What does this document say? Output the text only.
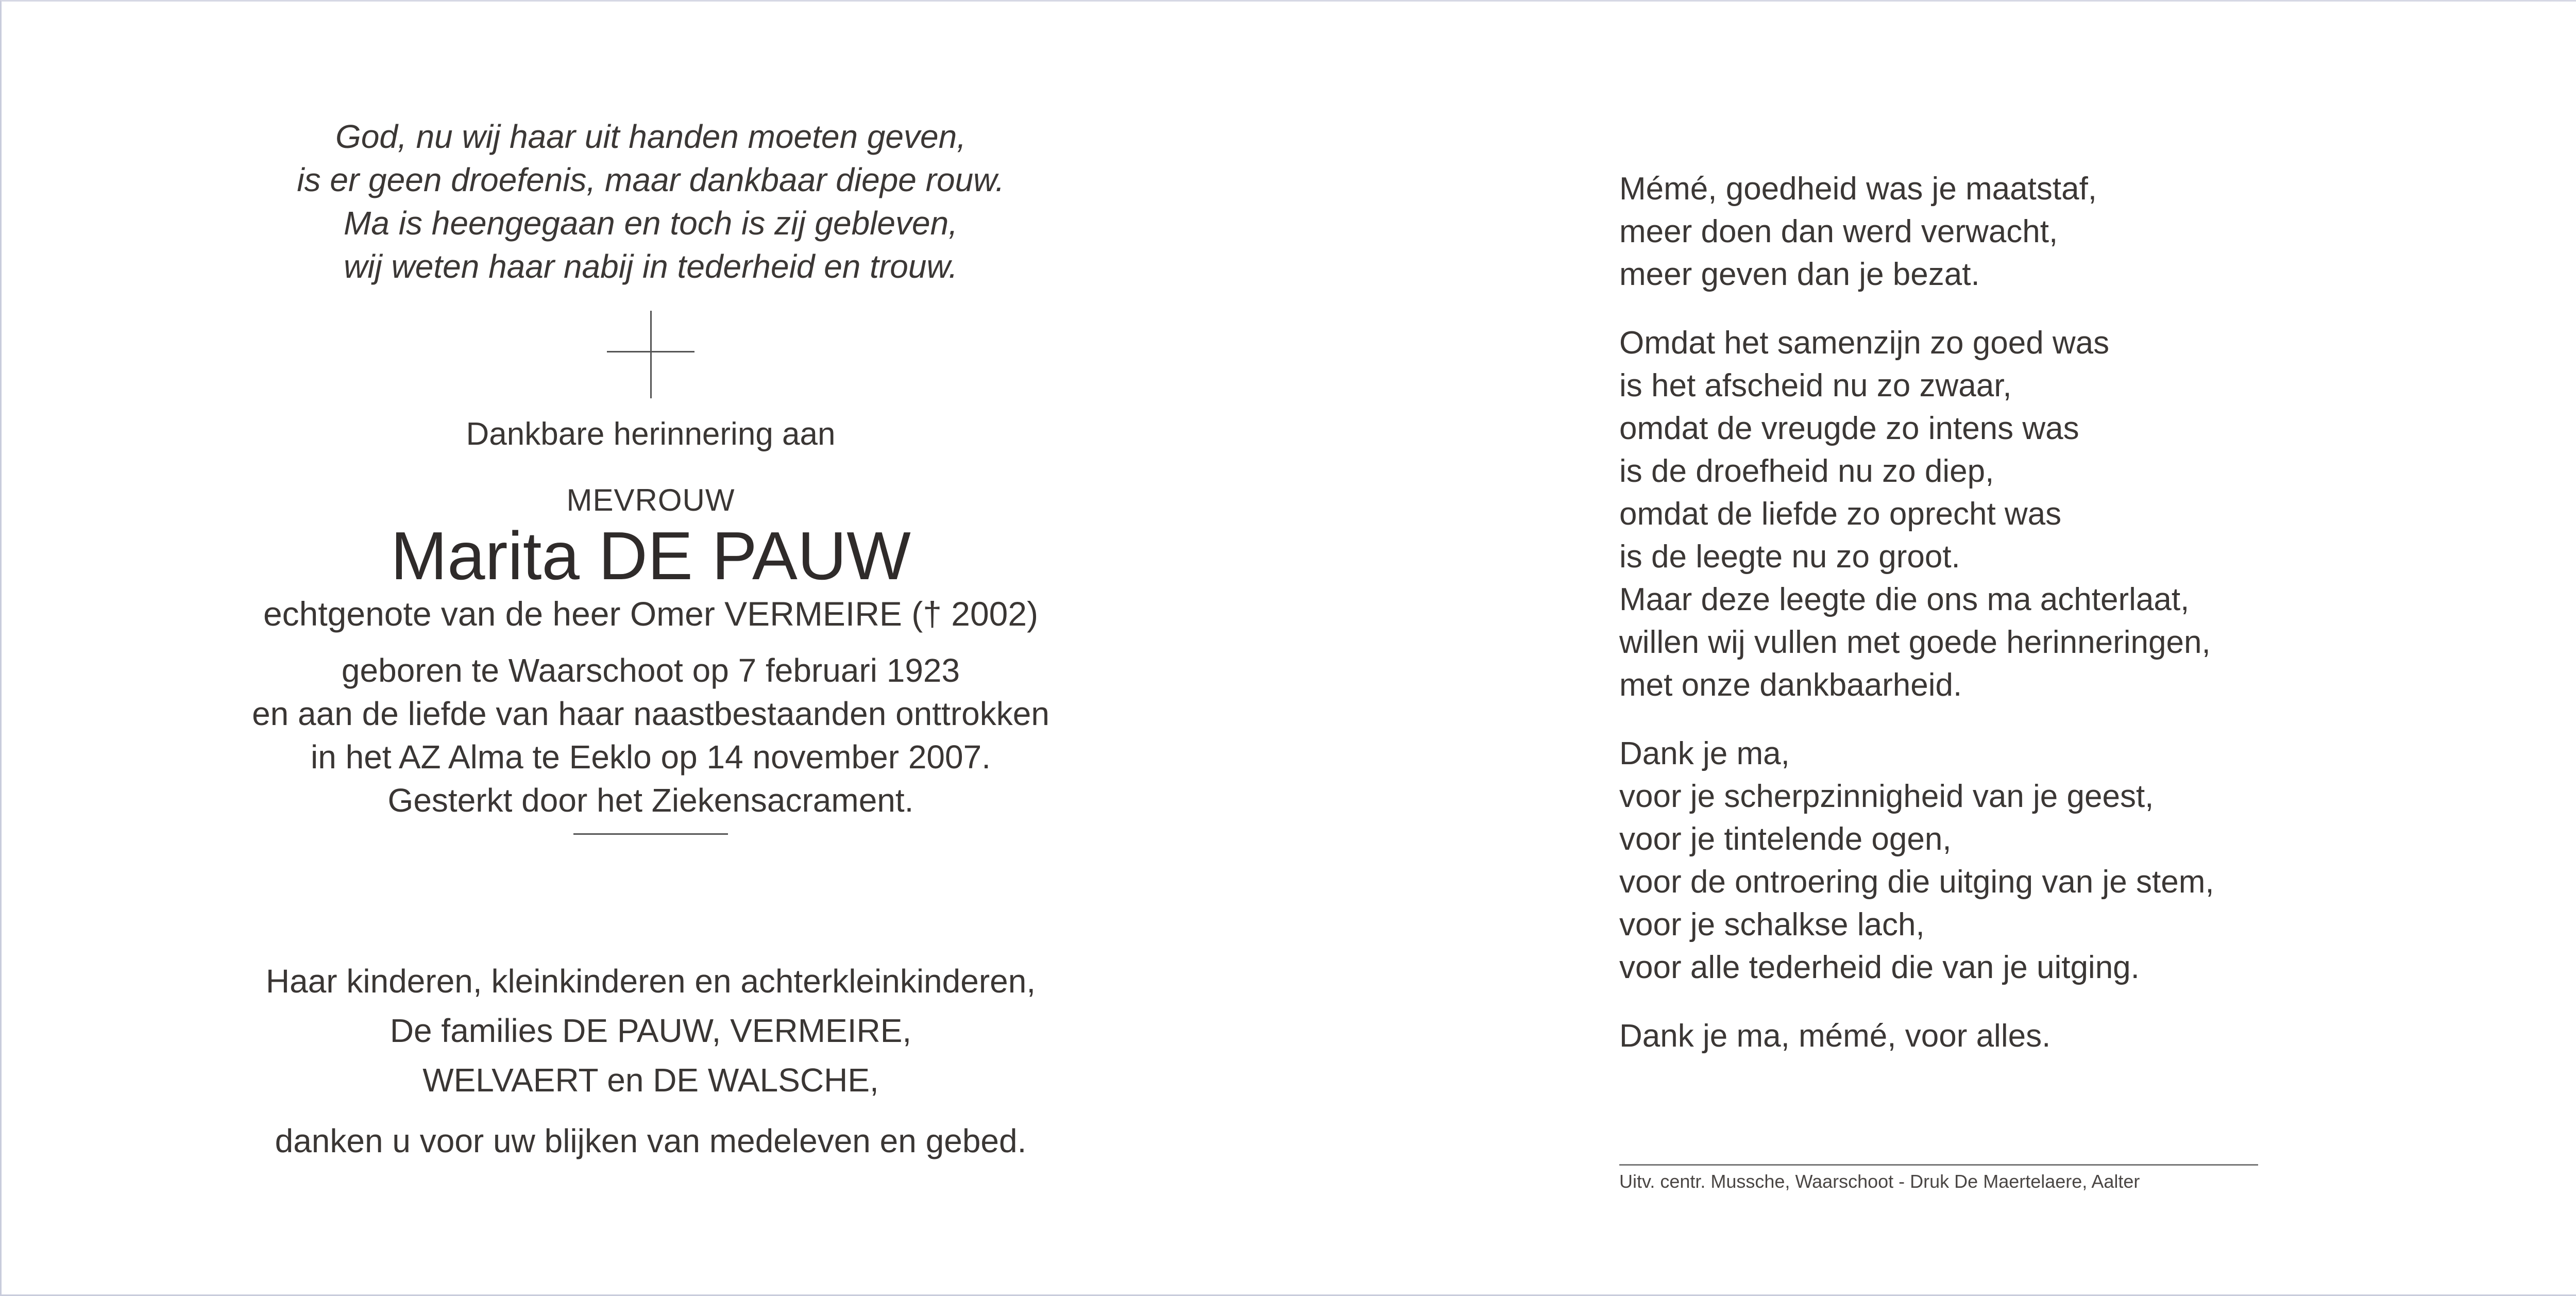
God, nu wij haar uit handen moeten geven,
is er geen droefenis, maar dankbaar diepe rouw.
Ma is heengegaan en toch is zij gebleven,
wij weten haar nabij in tederheid en trouw.
Dankbare herinnering aan
MEVROUW
Marita DE PAUW
echtgenote van de heer Omer VERMEIRE († 2002)
geboren te Waarschoot op 7 februari 1923
en aan de liefde van haar naastbestaanden onttrokken
in het AZ Alma te Eeklo op 14 november 2007.
Gesterkt door het Ziekensacrament.
Haar kinderen, kleinkinderen en achterkleinkinderen,
De families DE PAUW, VERMEIRE,
WELVAERT en DE WALSCHE,
danken u voor uw blijken van medeleven en gebed.
Mémé, goedheid was je maatstaf,
meer doen dan werd verwacht,
meer geven dan je bezat.
Omdat het samenzijn zo goed was
is het afscheid nu zo zwaar,
omdat de vreugde zo intens was
is de droefheid nu zo diep,
omdat de liefde zo oprecht was
is de leegte nu zo groot.
Maar deze leegte die ons ma achterlaat,
willen wij vullen met goede herinneringen,
met onze dankbaarheid.
Dank je ma,
voor je scherpzinnigheid van je geest,
voor je tintelende ogen,
voor de ontroering die uitging van je stem,
voor je schalkse lach,
voor alle tederheid die van je uitging.
Dank je ma, mémé, voor alles.
Uitv. centr. Mussche, Waarschoot - Druk De Maertelaere, Aalter
